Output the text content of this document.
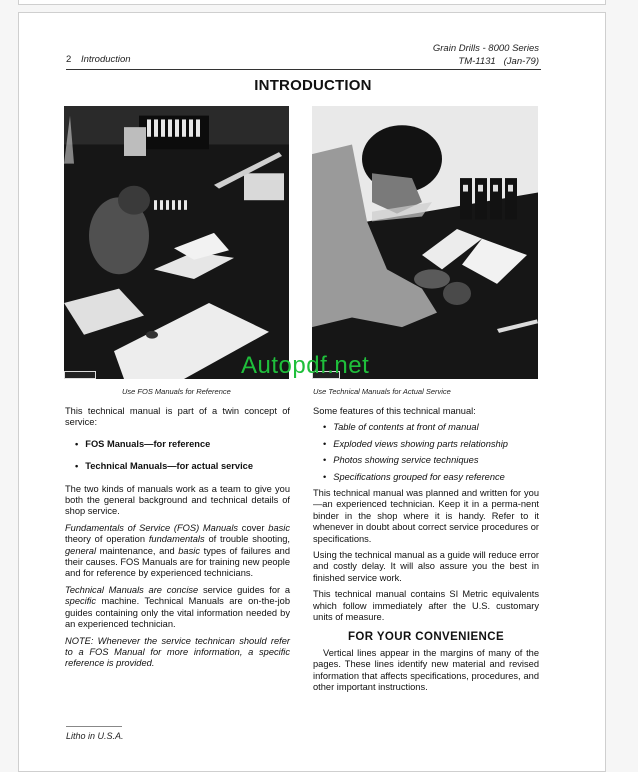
Grain Drills - 8000 Series
TM-1131   (Jan-79)
2 Introduction
INTRODUCTION
Autopdf.net
Use FOS Manuals for Reference	Use Technical Manuals for Actual Service

This technical manual is part of a twin concept of service:

• FOS Manuals—for reference
• Technical Manuals—for actual service

The two kinds of manuals work as a team to give you both the general background and technical details of shop service.

Fundamentals of Service (FOS) Manuals cover basic theory of operation fundamentals of trouble shooting, general maintenance, and basic types of failures and their causes. FOS Manuals are for training new people and for reference by experienced technicians.

Technical Manuals are concise service guides for a specific machine. Technical Manuals are on-the-job guides containing only the vital information needed by an experienced technician.

NOTE: Whenever the service technican should refer to a FOS Manual for more information, a specific reference is provided.

Some features of this technical manual:

• Table of contents at front of manual
• Exploded views showing parts relationship
• Photos showing service techniques
• Specifications grouped for easy reference

This technical manual was planned and written for you—an experienced technician. Keep it in a perma-nent binder in the shop where it is handy. Refer to it whenever in doubt about correct service procedures or specifications.

Using the technical manual as a guide will reduce error and costly delay. It will also assure you the best in finished service work.

This technical manual contains SI Metric equivalents which follow immediately after the U.S. customary units of measure.

FOR YOUR CONVENIENCE

Vertical lines appear in the margins of many of the pages. These lines identify new material and revised information that affects specifications, procedures, and other important instructions.

Litho in U.S.A.
